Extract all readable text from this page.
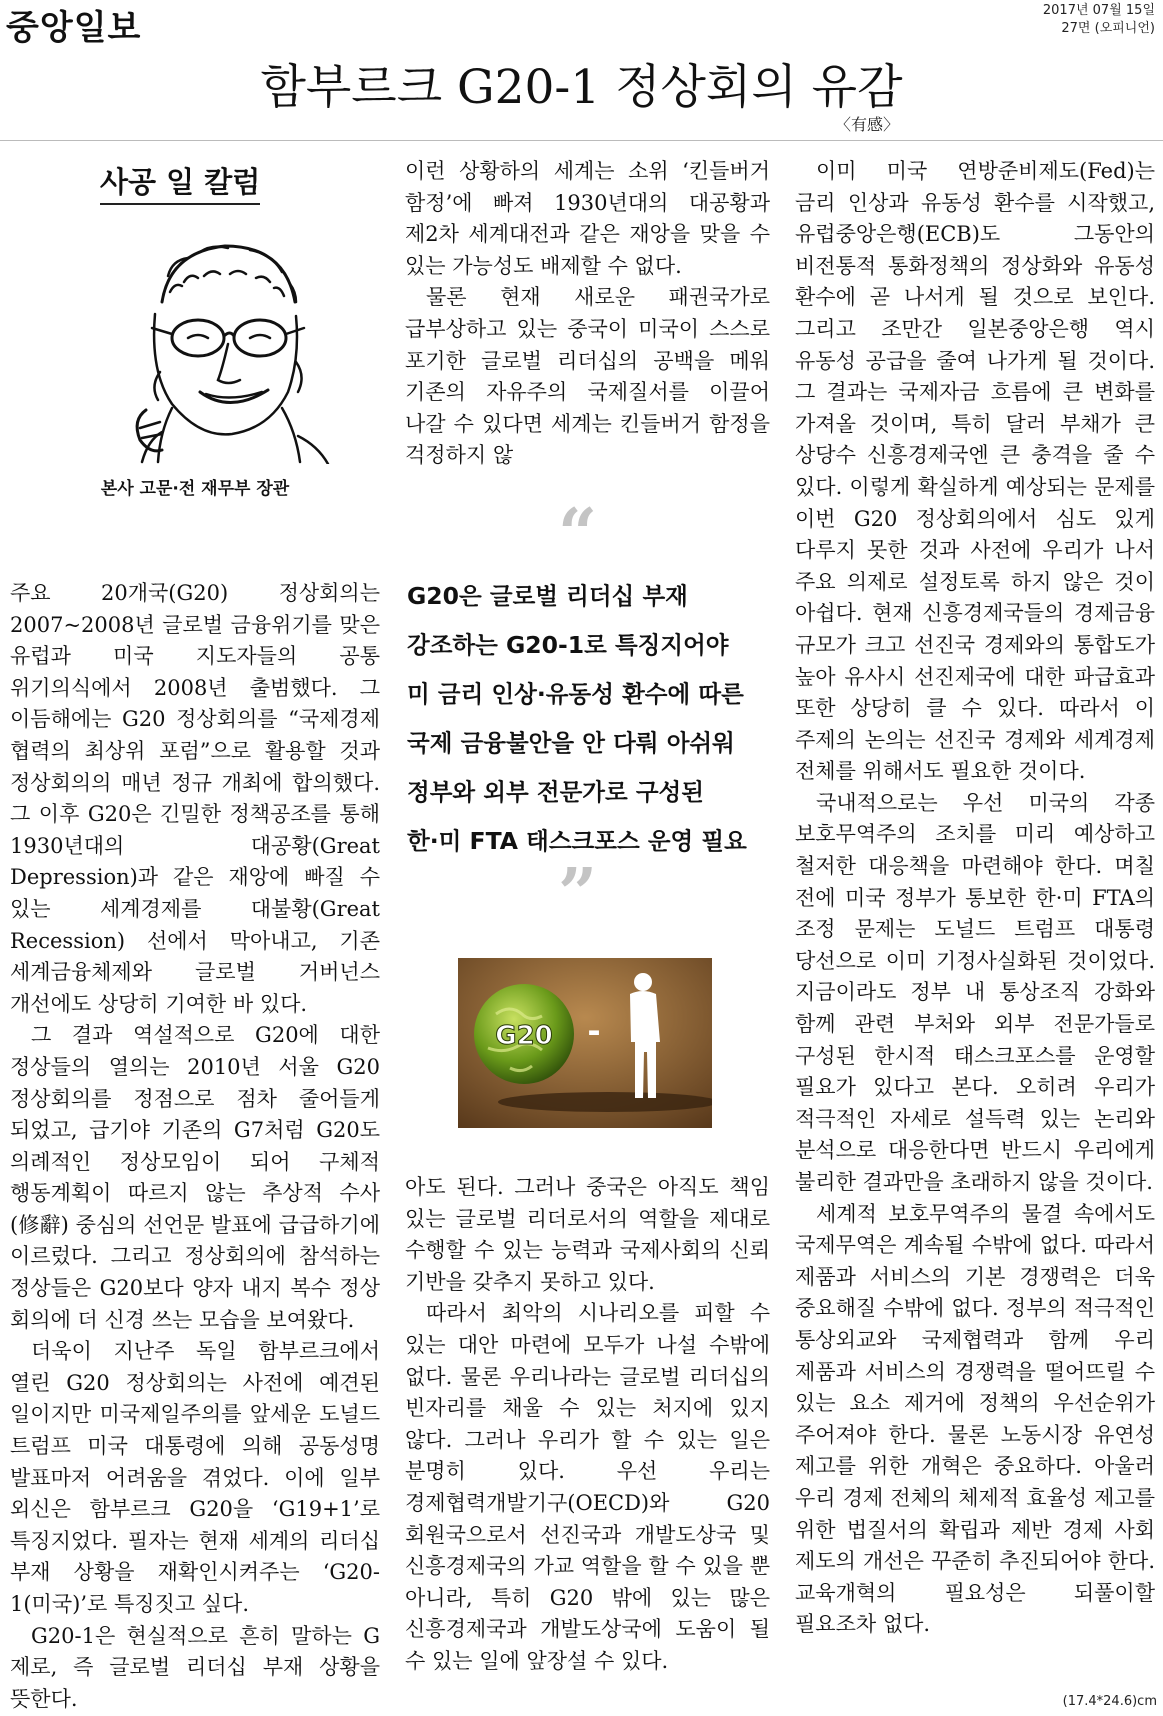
중앙일보	2017년 07월 15일
27면 (오피니언)
함부르크 G20-1 정상회의 유감
〈有感〉
사공 일 칼럼
본사 고문·전 재무부 장관

주요 20개국(G20) 정상회의는 2007~2008년 글로벌 금융위기를 맞은 유럽과 미국 지도자들의 공통 위기의식에서 2008년 출범했다. 그 이듬해에는 G20 정상회의를 “국제경제 협력의 최상위 포럼”으로 활용할 것과 정상회의의 매년 정규 개최에 합의했다. 그 이후 G20은 긴밀한 정책공조를 통해 1930년대의 대공황(Great Depression)과 같은 재앙에 빠질 수 있는 세계경제를 대불황(Great Recession) 선에서 막아내고, 기존 세계금융체제와 글로벌 거버넌스 개선에도 상당히 기여한 바 있다.

그 결과 역설적으로 G20에 대한 정상들의 열의는 2010년 서울 G20 정상회의를 정점으로 점차 줄어들게 되었고, 급기야 기존의 G7처럼 G20도 의례적인 정상모임이 되어 구체적 행동계획이 따르지 않는 추상적 수사(修辭) 중심의 선언문 발표에 급급하기에 이르렀다. 그리고 정상회의에 참석하는 정상들은 G20보다 양자 내지 복수 정상 회의에 더 신경 쓰는 모습을 보여왔다.

더욱이 지난주 독일 함부르크에서 열린 G20 정상회의는 사전에 예견된 일이지만 미국제일주의를 앞세운 도널드 트럼프 미국 대통령에 의해 공동성명 발표마저 어려움을 겪었다. 이에 일부 외신은 함부르크 G20을 ‘G19+1’로 특징지었다. 필자는 현재 세계의 리더십 부재 상황을 재확인시켜주는 ‘G20-1(미국)’로 특징짓고 싶다.

G20-1은 현실적으로 흔히 말하는 G 제로, 즉 글로벌 리더십 부재 상황을 뜻한다.

이런 상황하의 세계는 소위 ‘킨들버거 함정’에 빠져 1930년대의 대공황과 제2차 세계대전과 같은 재앙을 맞을 수 있는 가능성도 배제할 수 없다.

물론 현재 새로운 패권국가로 급부상하고 있는 중국이 미국이 스스로 포기한 글로벌 리더십의 공백을 메워 기존의 자유주의 국제질서를 이끌어 나갈 수 있다면 세계는 킨들버거 함정을 걱정하지 않

“
G20은 글로벌 리더십 부재
강조하는 G20-1로 특징지어야
미 금리 인상·유동성 환수에 따른
국제 금융불안을 안 다뤄 아쉬워
정부와 외부 전문가로 구성된
한·미 FTA 태스크포스 운영 필요
”
G20 -

아도 된다. 그러나 중국은 아직도 책임 있는 글로벌 리더로서의 역할을 제대로 수행할 수 있는 능력과 국제사회의 신뢰 기반을 갖추지 못하고 있다.

따라서 최악의 시나리오를 피할 수 있는 대안 마련에 모두가 나설 수밖에 없다. 물론 우리나라는 글로벌 리더십의 빈자리를 채울 수 있는 처지에 있지 않다. 그러나 우리가 할 수 있는 일은 분명히 있다. 우선 우리는 경제협력개발기구(OECD)와 G20 회원국으로서 선진국과 개발도상국 및 신흥경제국의 가교 역할을 할 수 있을 뿐 아니라, 특히 G20 밖에 있는 많은 신흥경제국과 개발도상국에 도움이 될 수 있는 일에 앞장설 수 있다.

이미 미국 연방준비제도(Fed)는 금리 인상과 유동성 환수를 시작했고, 유럽중앙은행(ECB)도 그동안의 비전통적 통화정책의 정상화와 유동성 환수에 곧 나서게 될 것으로 보인다. 그리고 조만간 일본중앙은행 역시 유동성 공급을 줄여 나가게 될 것이다. 그 결과는 국제자금 흐름에 큰 변화를 가져올 것이며, 특히 달러 부채가 큰 상당수 신흥경제국엔 큰 충격을 줄 수 있다. 이렇게 확실하게 예상되는 문제를 이번 G20 정상회의에서 심도 있게 다루지 못한 것과 사전에 우리가 나서 주요 의제로 설정토록 하지 않은 것이 아쉽다. 현재 신흥경제국들의 경제금융 규모가 크고 선진국 경제와의 통합도가 높아 유사시 선진제국에 대한 파급효과 또한 상당히 클 수 있다. 따라서 이 주제의 논의는 선진국 경제와 세계경제 전체를 위해서도 필요한 것이다.

국내적으로는 우선 미국의 각종 보호무역주의 조치를 미리 예상하고 철저한 대응책을 마련해야 한다. 며칠 전에 미국 정부가 통보한 한·미 FTA의 조정 문제는 도널드 트럼프 대통령 당선으로 이미 기정사실화된 것이었다. 지금이라도 정부 내 통상조직 강화와 함께 관련 부처와 외부 전문가들로 구성된 한시적 태스크포스를 운영할 필요가 있다고 본다. 오히려 우리가 적극적인 자세로 설득력 있는 논리와 분석으로 대응한다면 반드시 우리에게 불리한 결과만을 초래하지 않을 것이다.

세계적 보호무역주의 물결 속에서도 국제무역은 계속될 수밖에 없다. 따라서 제품과 서비스의 기본 경쟁력은 더욱 중요해질 수밖에 없다. 정부의 적극적인 통상외교와 국제협력과 함께 우리 제품과 서비스의 경쟁력을 떨어뜨릴 수 있는 요소 제거에 정책의 우선순위가 주어져야 한다. 물론 노동시장 유연성 제고를 위한 개혁은 중요하다. 아울러 우리 경제 전체의 체제적 효율성 제고를 위한 법질서의 확립과 제반 경제 사회 제도의 개선은 꾸준히 추진되어야 한다. 교육개혁의 필요성은 되풀이할 필요조차 없다.

(17.4*24.6)cm
